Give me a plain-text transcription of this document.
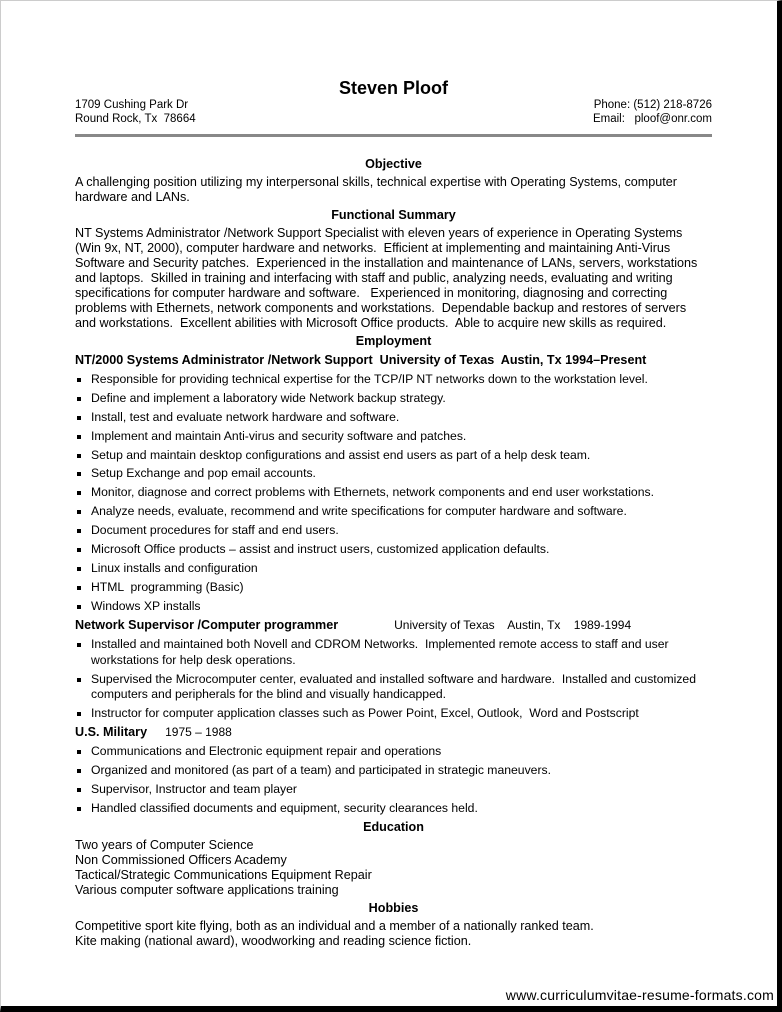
Steven Ploof
1709 Cushing Park Dr
Round Rock, Tx  78664
Phone: (512) 218-8726
Email:   ploof@onr.com
Objective
A challenging position utilizing my interpersonal skills, technical expertise with Operating Systems, computer
hardware and LANs.
Functional Summary
NT Systems Administrator /Network Support Specialist with eleven years of experience in Operating Systems
(Win 9x, NT, 2000), computer hardware and networks.  Efficient at implementing and maintaining Anti-Virus
Software and Security patches.  Experienced in the installation and maintenance of LANs, servers, workstations
and laptops.  Skilled in training and interfacing with staff and public, analyzing needs, evaluating and writing
specifications for computer hardware and software.   Experienced in monitoring, diagnosing and correcting
problems with Ethernets, network components and workstations.  Dependable backup and restores of servers
and workstations.  Excellent abilities with Microsoft Office products.  Able to acquire new skills as required.
Employment
NT/2000 Systems Administrator /Network Support  University of Texas  Austin, Tx 1994–Present
Responsible for providing technical expertise for the TCP/IP NT networks down to the workstation level.
Define and implement a laboratory wide Network backup strategy.
Install, test and evaluate network hardware and software.
Implement and maintain Anti-virus and security software and patches.
Setup and maintain desktop configurations and assist end users as part of a help desk team.
Setup Exchange and pop email accounts.
Monitor, diagnose and correct problems with Ethernets, network components and end user workstations.
Analyze needs, evaluate, recommend and write specifications for computer hardware and software.
Document procedures for staff and end users.
Microsoft Office products – assist and instruct users, customized application defaults.
Linux installs and configuration
HTML  programming (Basic)
Windows XP installs
Network Supervisor /Computer programmer	University of Texas    Austin, Tx    1989-1994
Installed and maintained both Novell and CDROM Networks.  Implemented remote access to staff and user
workstations for help desk operations.
Supervised the Microcomputer center, evaluated and installed software and hardware.  Installed and customized
computers and peripherals for the blind and visually handicapped.
Instructor for computer application classes such as Power Point, Excel, Outlook,  Word and Postscript
U.S. Military 1975 – 1988
Communications and Electronic equipment repair and operations
Organized and monitored (as part of a team) and participated in strategic maneuvers.
Supervisor, Instructor and team player
Handled classified documents and equipment, security clearances held.
Education
Two years of Computer Science
Non Commissioned Officers Academy
Tactical/Strategic Communications Equipment Repair
Various computer software applications training
Hobbies
Competitive sport kite flying, both as an individual and a member of a nationally ranked team.
Kite making (national award), woodworking and reading science fiction.
www.curriculumvitae-resume-formats.com
